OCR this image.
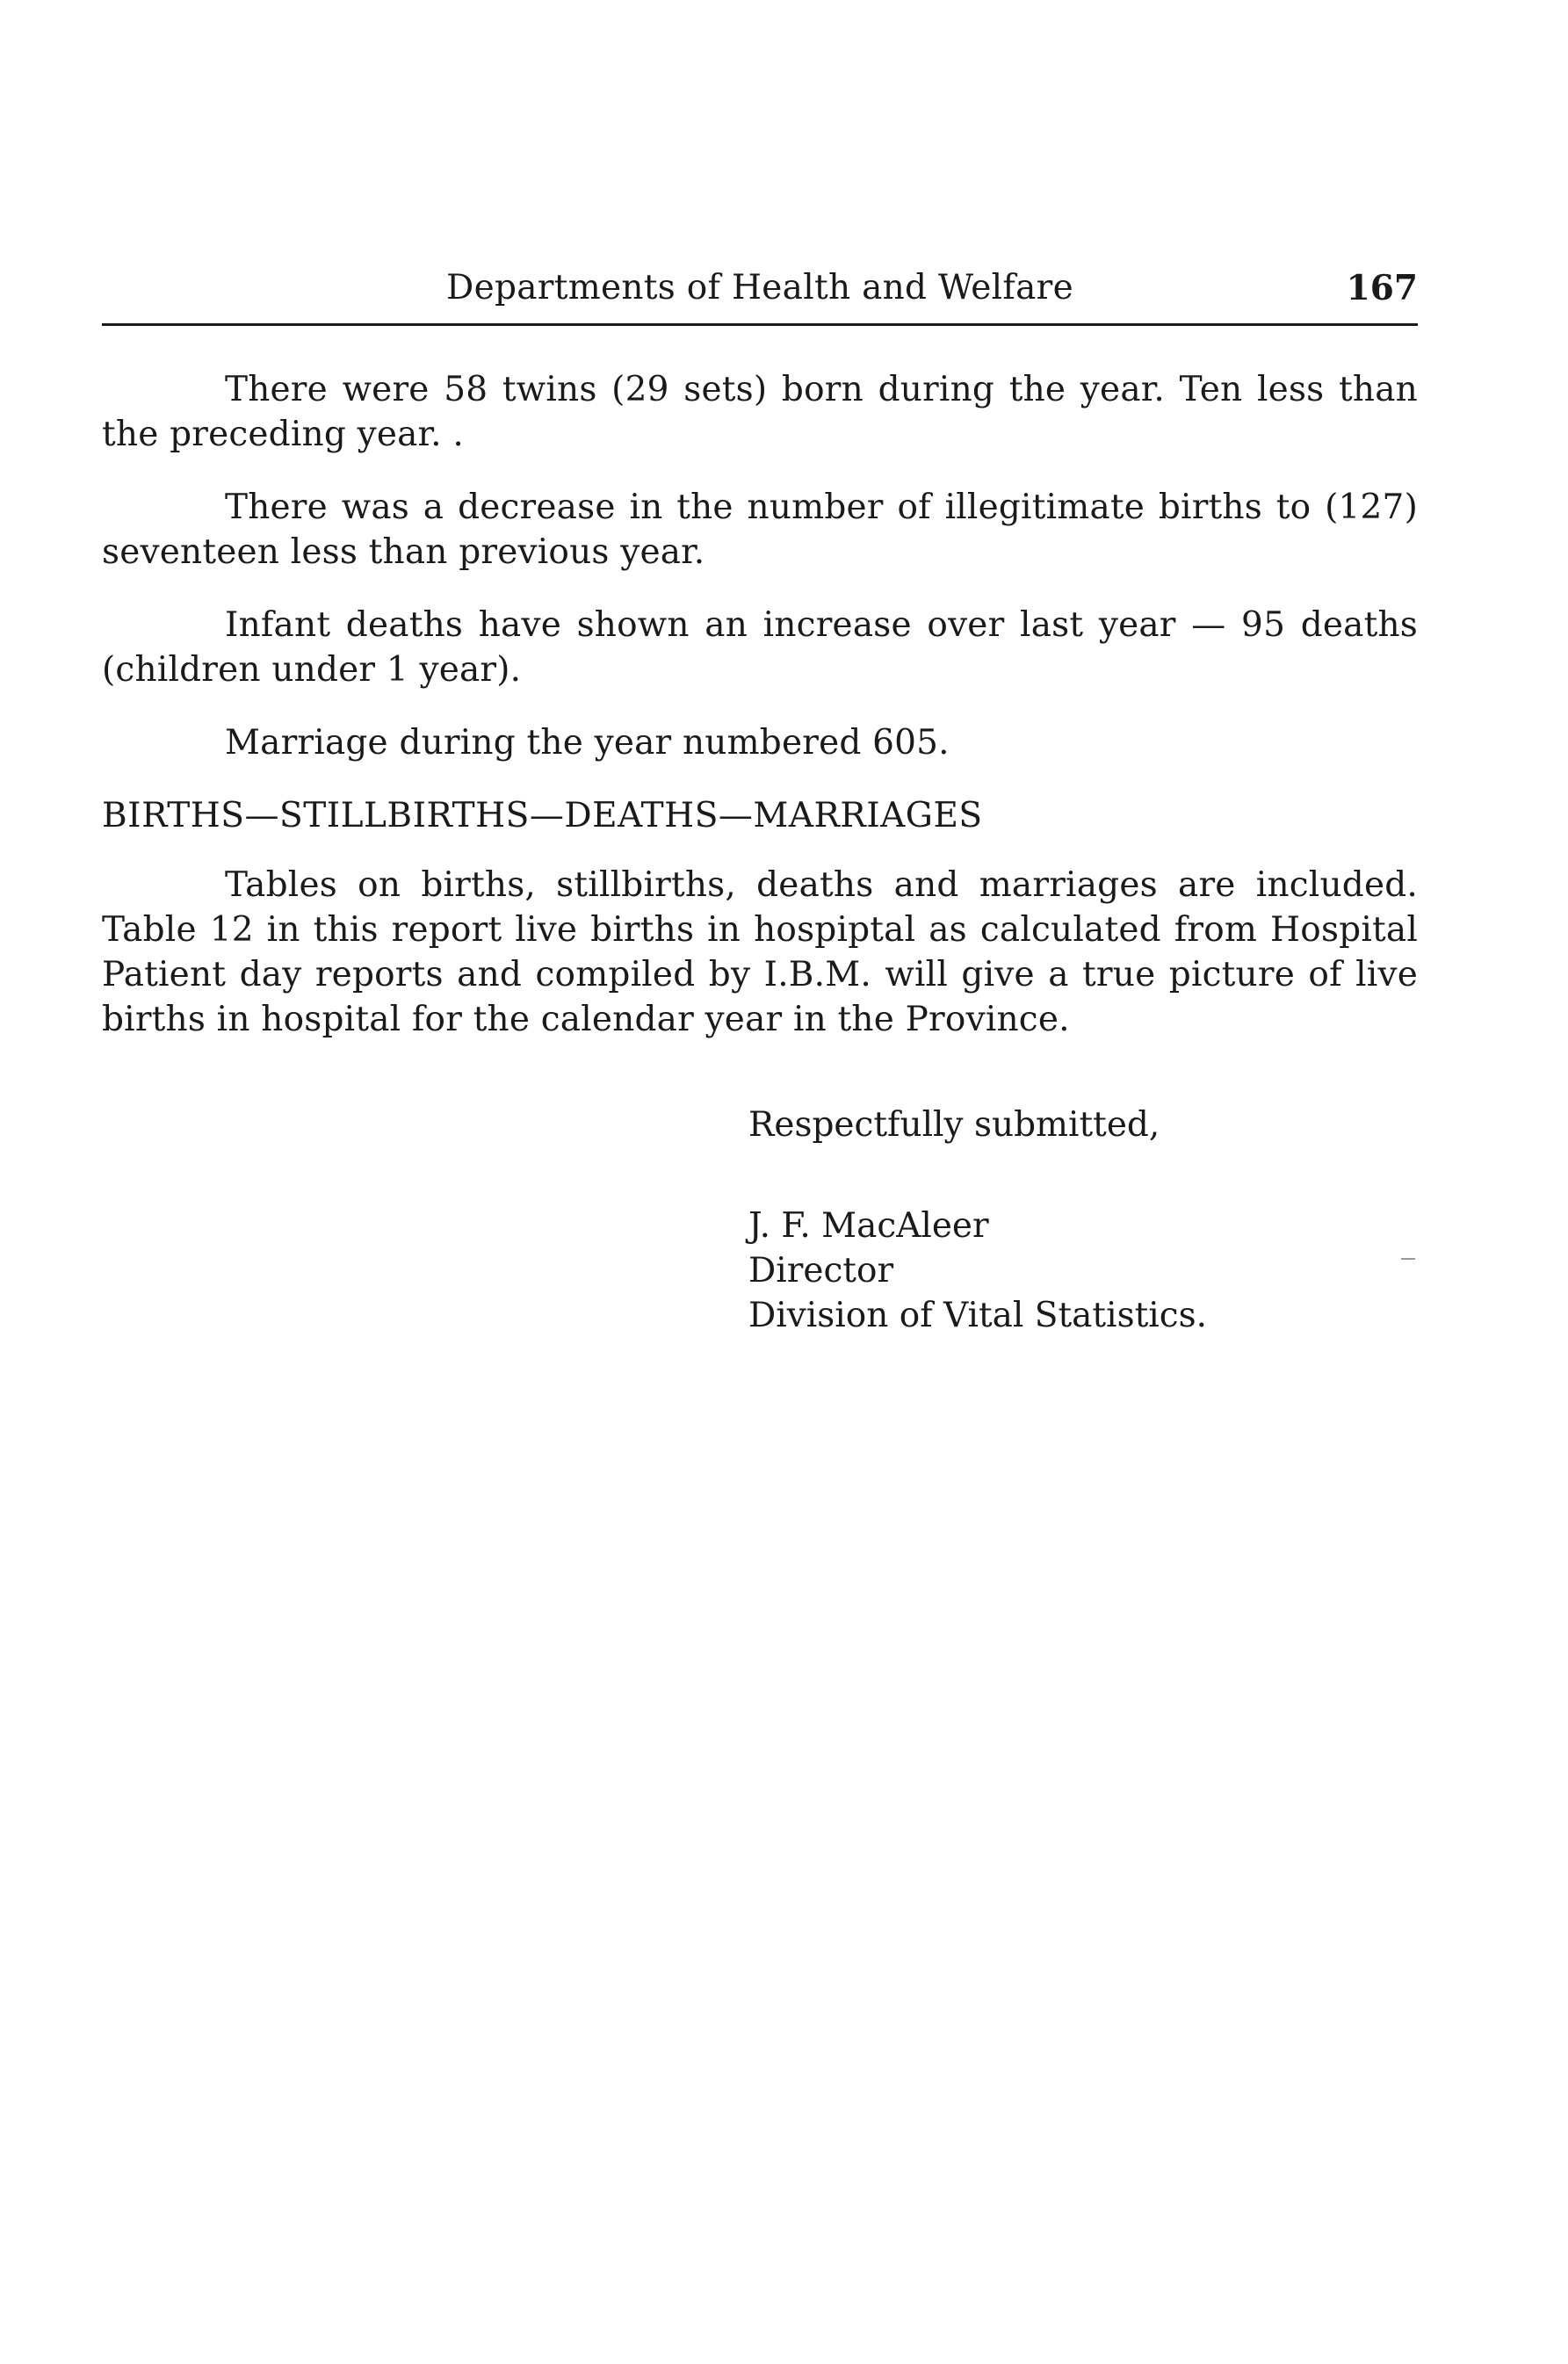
Departments of Health and Welfare	167

There were 58 twins (29 sets) born during the year. Ten less than the preceding year. .

There was a decrease in the number of illegitimate births to (127) seventeen less than previous year.

Infant deaths have shown an increase over last year — 95 deaths (children under 1 year).

Marriage during the year numbered 605.

BIRTHS—STILLBIRTHS—DEATHS—MARRIAGES

Tables on births, stillbirths, deaths and marriages are included. Table 12 in this report live births in hospiptal as calculated from Hospital Patient day reports and compiled by I.B.M. will give a true picture of live births in hospital for the calendar year in the Province.

Respectfully submitted,
J. F. MacAleer
Director
Division of Vital Statistics.
